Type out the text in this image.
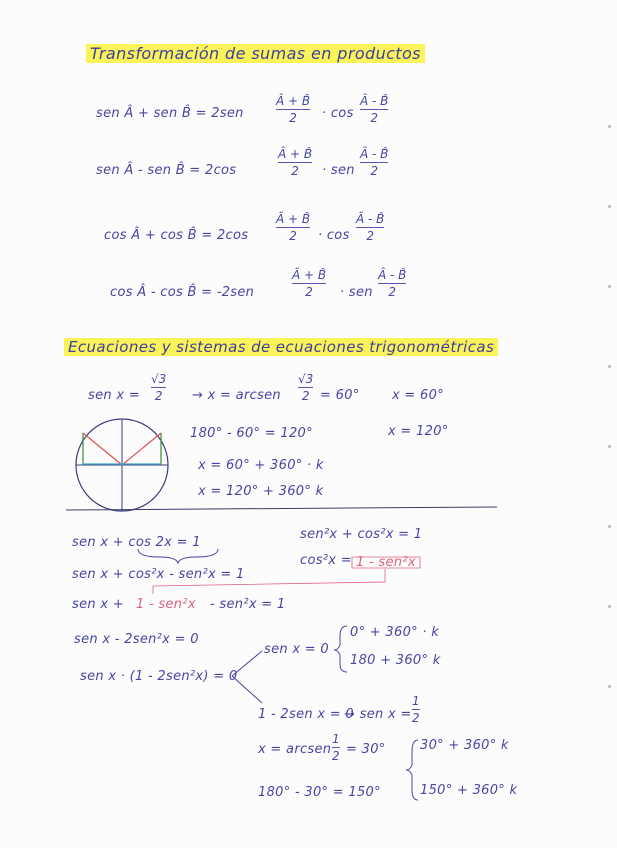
Transformación de sumas en productos
sen Â + sen B̂ = 2sen
Â + B̂
2 · cos
Â - B̂
2
sen Â - sen B̂ = 2cos
Â + B̂
2 · sen
Â - B̂
2
cos Â + cos B̂ = 2cos
Â + B̂
2 · cos
Â - B̂
2
cos Â - cos B̂ = -2sen
Â + B̂
2 · sen
Â - B̂
2
Ecuaciones y sistemas de ecuaciones trigonométricas
sen x =
√3
2 → x = arcsen
√3
2 = 60° x = 60°
x = 120°
180° - 60° = 120°
x = 60° + 360° · k
x = 120° + 360° k
sen x + cos 2x = 1
sen²x + cos²x = 1
cos²x = 1 - sen²x
sen x + cos²x - sen²x = 1
sen x + 1 - sen²x - sen²x = 1
sen x - 2sen²x = 0
sen x · (1 - 2sen²x) = 0
sen x = 0
0° + 360° · k
180 + 360° k
1 - 2sen x = 0
→ sen x =
1
2
x = arcsen
1
2 = 30°
180° - 30° = 150°
30° + 360° k
150° + 360° k
